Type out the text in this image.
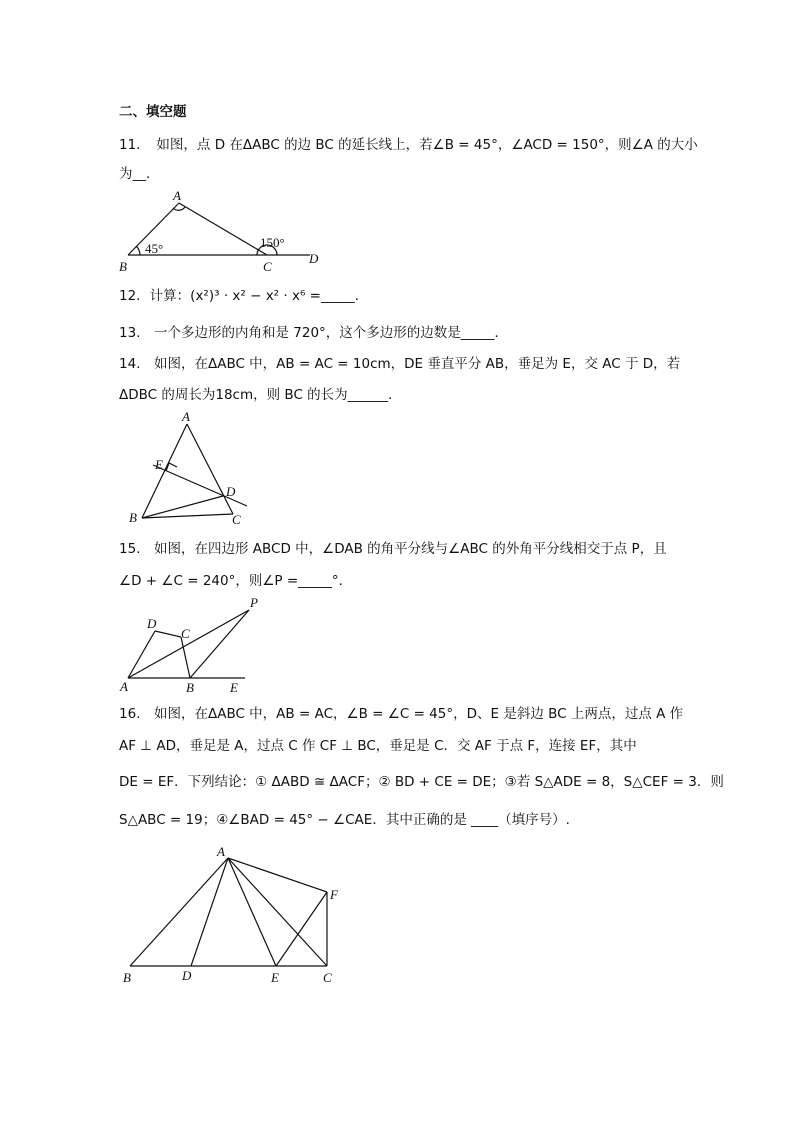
二、填空题
11．　如图，点 D 在ΔABC 的边 BC 的延长线上，若∠B = 45°，∠ACD = 150°，则∠A 的大小
为__．
A
B	C
D
45°	150°
12．计算：(x²)³ · x² − x² · x⁶ =_____．
13.　一个多边形的内角和是 720°，这个多边形的边数是_____．
14.　如图，在ΔABC 中，AB = AC = 10cm，DE 垂直平分 AB，垂足为 E，交 AC 于 D，若
ΔDBC 的周长为18cm，则 BC 的长为______．
A
B	C
D
E
15.　如图，在四边形 ABCD 中，∠DAB 的角平分线与∠ABC 的外角平分线相交于点 P，且
∠D + ∠C = 240°，则∠P =_____°．
A	B
C
D
E
P
16.　如图，在ΔABC 中，AB = AC，∠B = ∠C = 45°，D、E 是斜边 BC 上两点，过点 A 作
AF ⊥ AD，垂足是 A，过点 C 作 CF ⊥ BC，垂足是 C．交 AF 于点 F，连接 EF，其中
DE = EF．下列结论：① ΔABD ≅ ΔACF；② BD + CE = DE；③若 S△ADE = 8，S△CEF = 3．则
S△ABC = 19；④∠BAD = 45° − ∠CAE．其中正确的是 ____（填序号）.
A
B	C
D	E
F
